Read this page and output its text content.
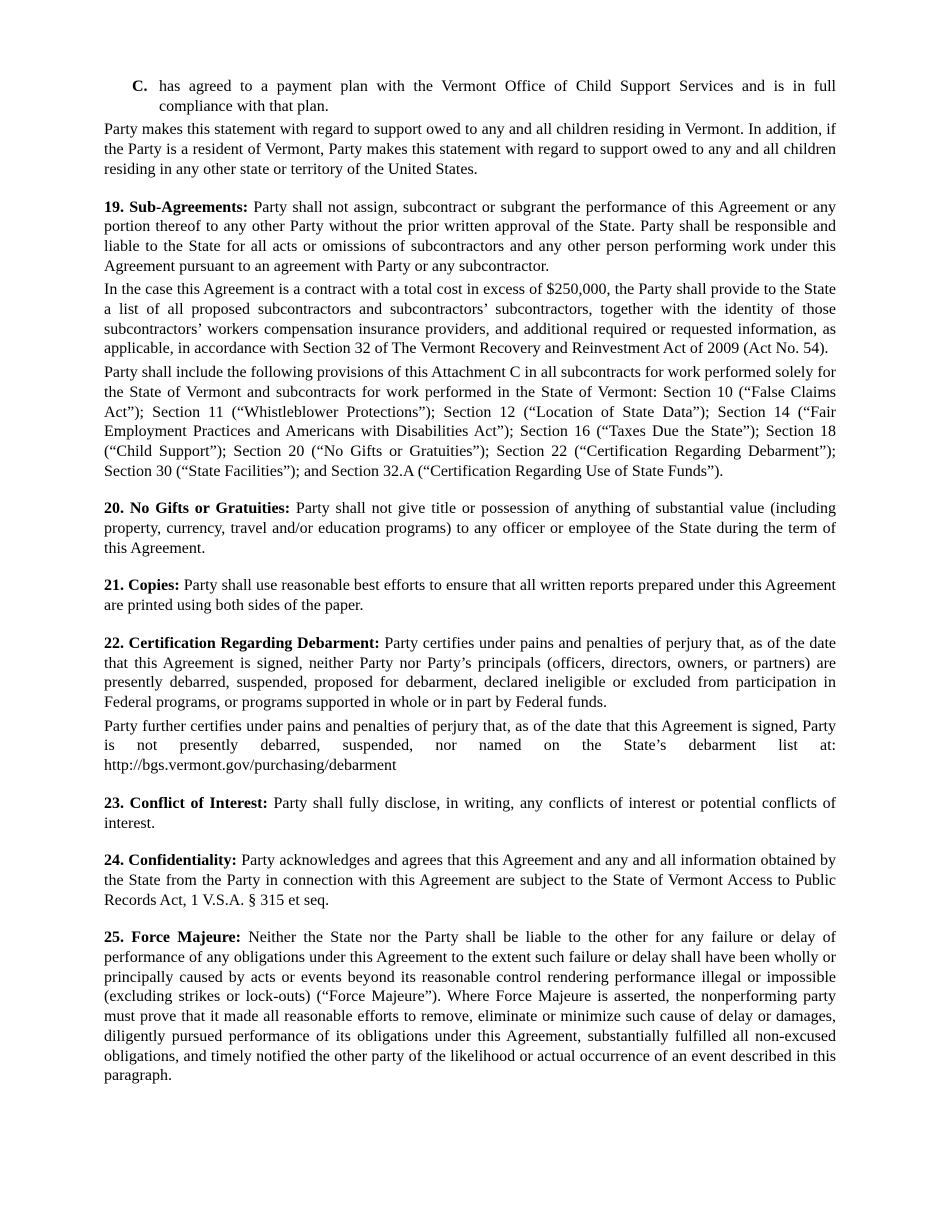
C. has agreed to a payment plan with the Vermont Office of Child Support Services and is in full compliance with that plan.

Party makes this statement with regard to support owed to any and all children residing in Vermont. In addition, if the Party is a resident of Vermont, Party makes this statement with regard to support owed to any and all children residing in any other state or territory of the United States.

19. Sub-Agreements: Party shall not assign, subcontract or subgrant the performance of this Agreement or any portion thereof to any other Party without the prior written approval of the State. Party shall be responsible and liable to the State for all acts or omissions of subcontractors and any other person performing work under this Agreement pursuant to an agreement with Party or any subcontractor.

In the case this Agreement is a contract with a total cost in excess of $250,000, the Party shall provide to the State a list of all proposed subcontractors and subcontractors’ subcontractors, together with the identity of those subcontractors’ workers compensation insurance providers, and additional required or requested information, as applicable, in accordance with Section 32 of The Vermont Recovery and Reinvestment Act of 2009 (Act No. 54).

Party shall include the following provisions of this Attachment C in all subcontracts for work performed solely for the State of Vermont and subcontracts for work performed in the State of Vermont: Section 10 (“False Claims Act”); Section 11 (“Whistleblower Protections”); Section 12 (“Location of State Data”); Section 14 (“Fair Employment Practices and Americans with Disabilities Act”); Section 16 (“Taxes Due the State”); Section 18 (“Child Support”); Section 20 (“No Gifts or Gratuities”); Section 22 (“Certification Regarding Debarment”); Section 30 (“State Facilities”); and Section 32.A (“Certification Regarding Use of State Funds”).

20. No Gifts or Gratuities: Party shall not give title or possession of anything of substantial value (including property, currency, travel and/or education programs) to any officer or employee of the State during the term of this Agreement.

21. Copies: Party shall use reasonable best efforts to ensure that all written reports prepared under this Agreement are printed using both sides of the paper.

22. Certification Regarding Debarment: Party certifies under pains and penalties of perjury that, as of the date that this Agreement is signed, neither Party nor Party’s principals (officers, directors, owners, or partners) are presently debarred, suspended, proposed for debarment, declared ineligible or excluded from participation in Federal programs, or programs supported in whole or in part by Federal funds.

Party further certifies under pains and penalties of perjury that, as of the date that this Agreement is signed, Party is not presently debarred, suspended, nor named on the State’s debarment list at: http://bgs.vermont.gov/purchasing/debarment

23. Conflict of Interest: Party shall fully disclose, in writing, any conflicts of interest or potential conflicts of interest.

24. Confidentiality: Party acknowledges and agrees that this Agreement and any and all information obtained by the State from the Party in connection with this Agreement are subject to the State of Vermont Access to Public Records Act, 1 V.S.A. § 315 et seq.

25. Force Majeure: Neither the State nor the Party shall be liable to the other for any failure or delay of performance of any obligations under this Agreement to the extent such failure or delay shall have been wholly or principally caused by acts or events beyond its reasonable control rendering performance illegal or impossible (excluding strikes or lock-outs) (“Force Majeure”). Where Force Majeure is asserted, the nonperforming party must prove that it made all reasonable efforts to remove, eliminate or minimize such cause of delay or damages, diligently pursued performance of its obligations under this Agreement, substantially fulfilled all non-excused obligations, and timely notified the other party of the likelihood or actual occurrence of an event described in this paragraph.
